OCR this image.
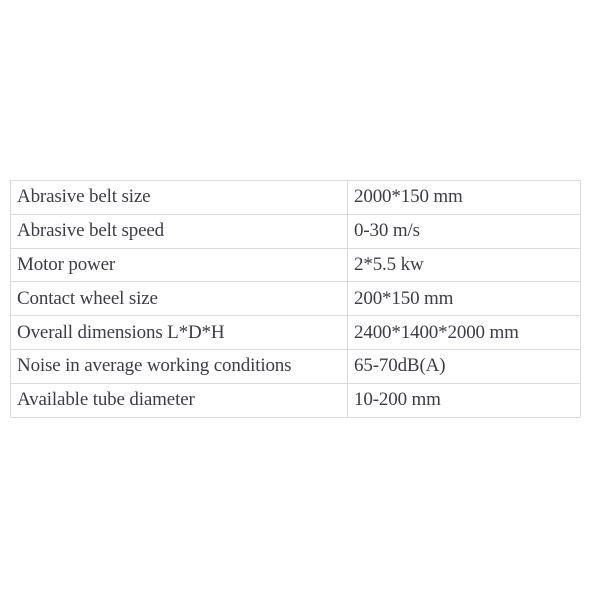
Abrasive belt size	2000*150 mm
Abrasive belt speed	0-30 m/s
Motor power	2*5.5 kw
Contact wheel size	200*150 mm
Overall dimensions L*D*H	2400*1400*2000 mm
Noise in average working conditions	65-70dB(A)
Available tube diameter	10-200 mm
